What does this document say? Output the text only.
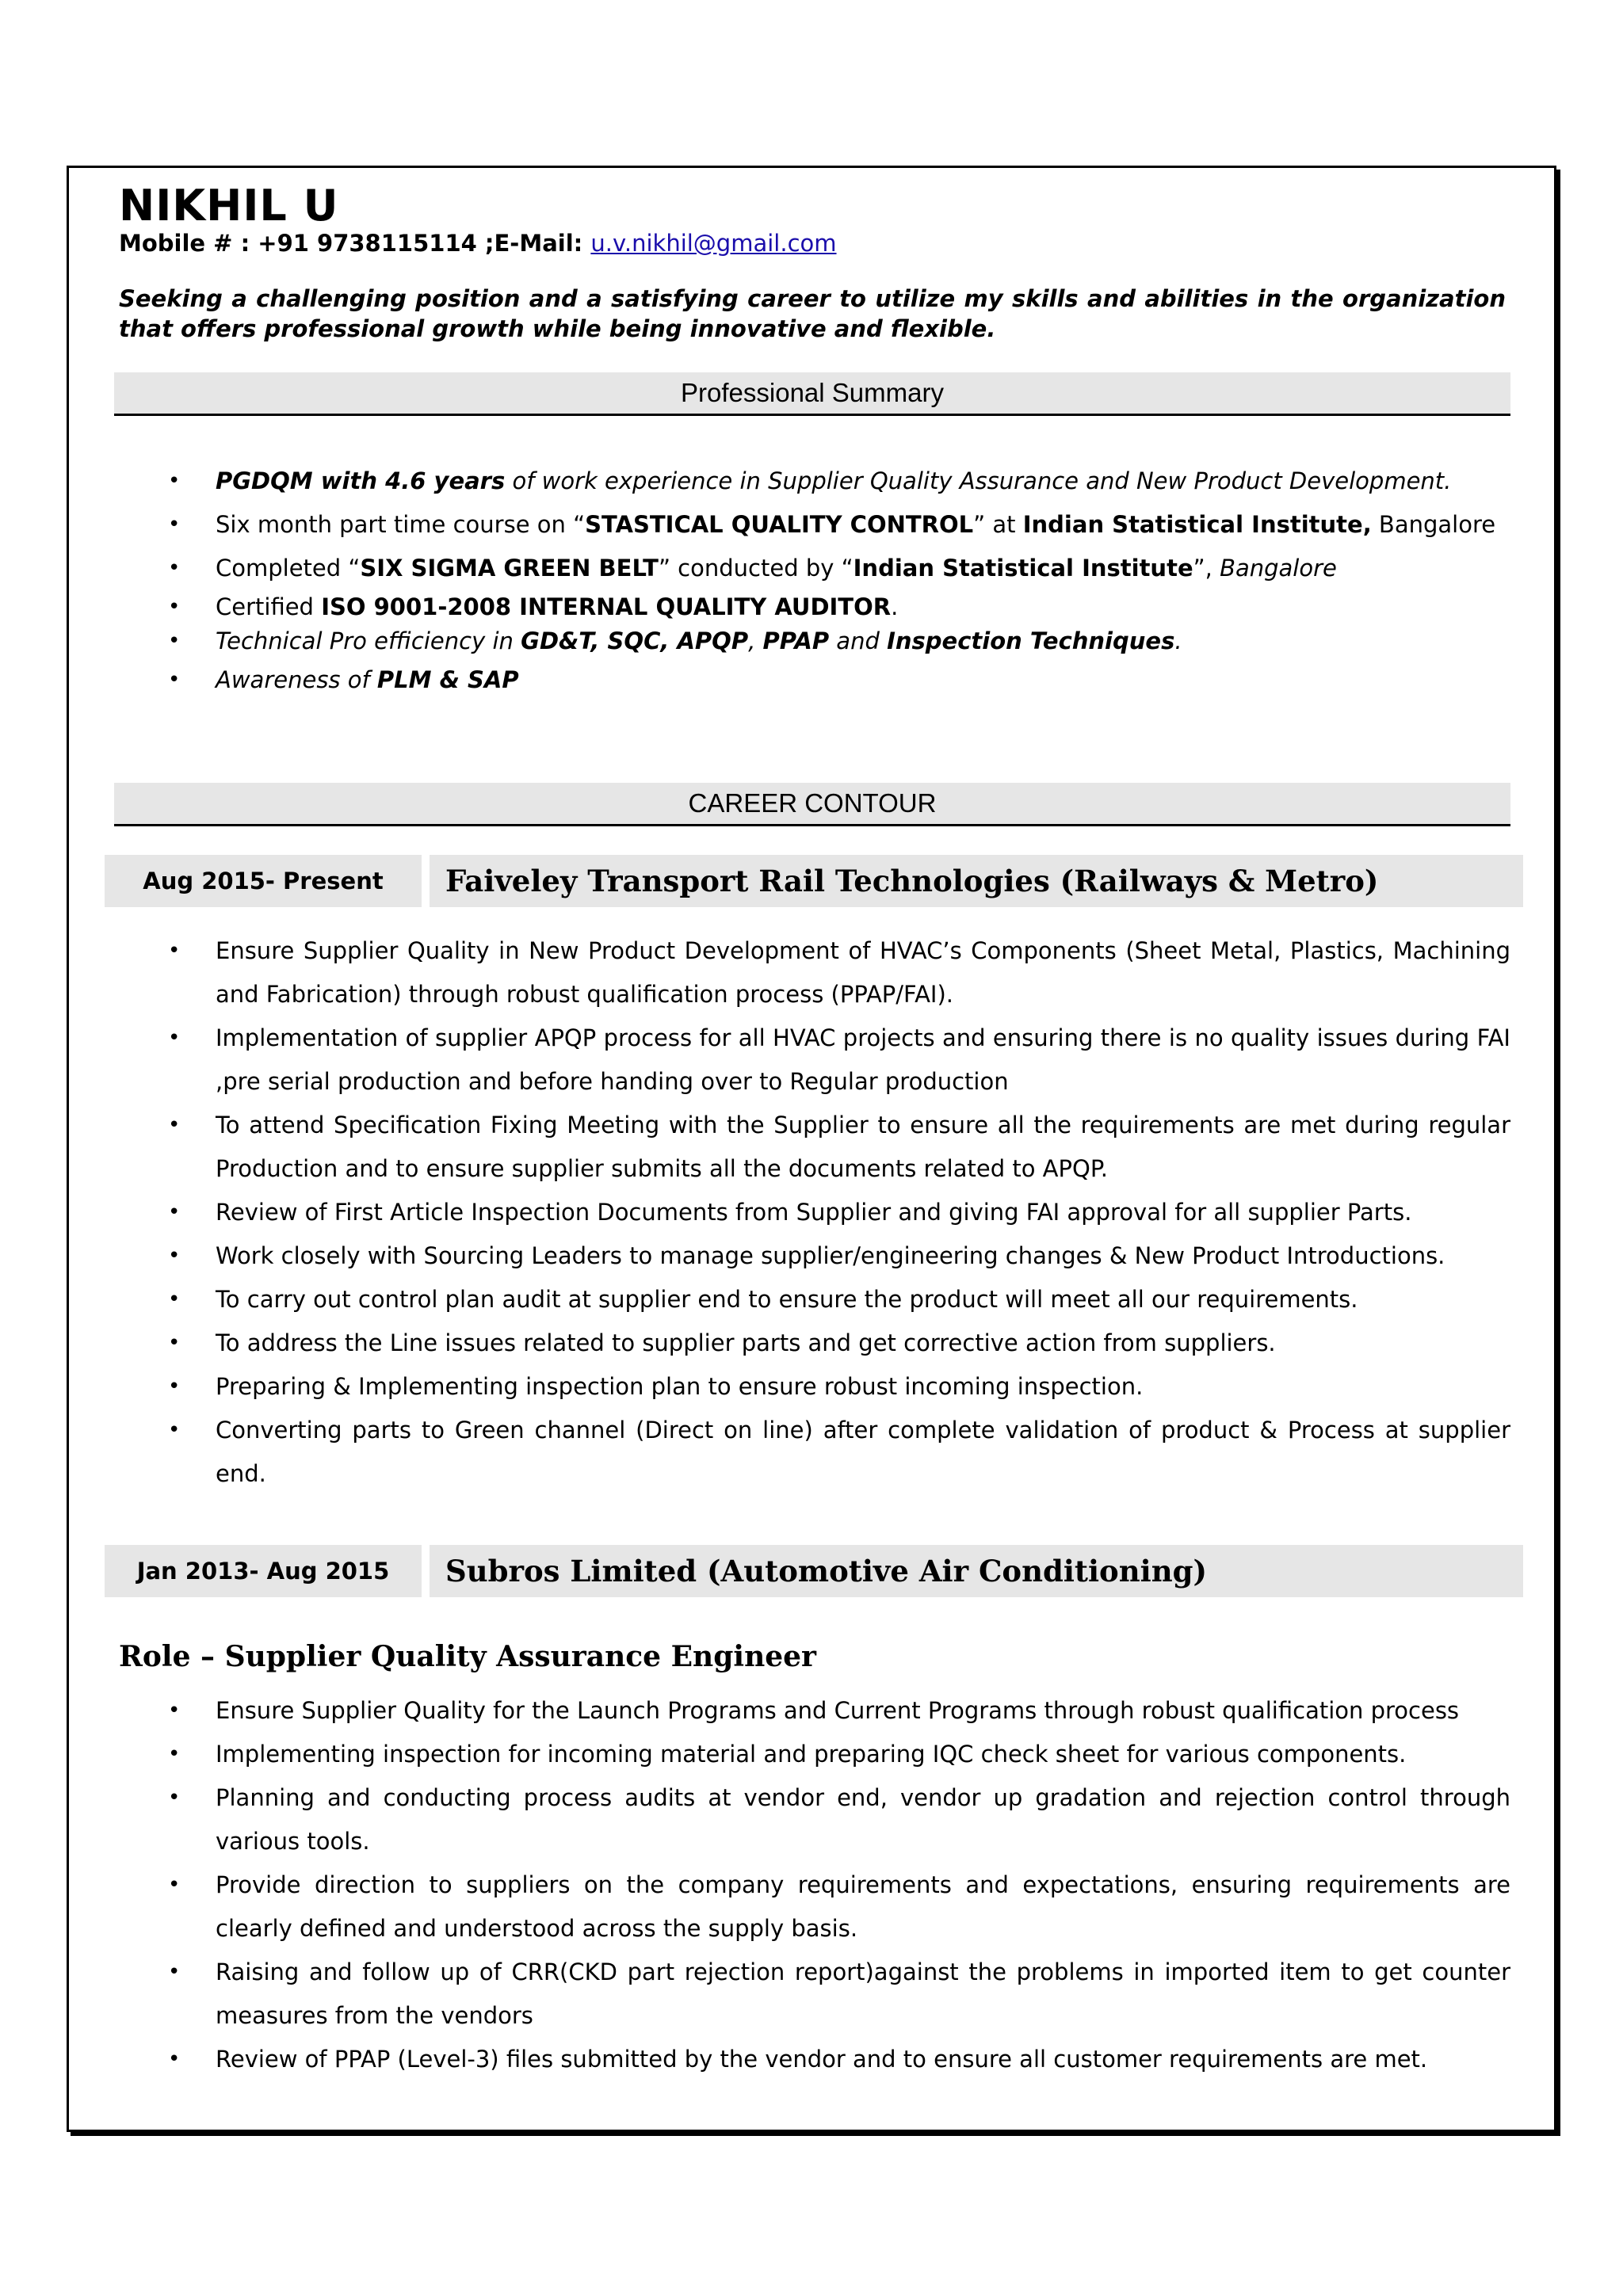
NIKHIL U
Mobile # : +91 9738115114 ;E-Mail: u.v.nikhil@gmail.com
Seeking a challenging position and a satisfying career to utilize my skills and abilities in the organization that offers professional growth while being innovative and flexible.
Professional Summary
• PGDQM with 4.6 years of work experience in Supplier Quality Assurance and New Product Development.
• Six month part time course on “STASTICAL QUALITY CONTROL” at Indian Statistical Institute, Bangalore
• Completed “SIX SIGMA GREEN BELT” conducted by “Indian Statistical Institute”, Bangalore
• Certified ISO 9001-2008 INTERNAL QUALITY AUDITOR.
• Technical Pro efficiency in GD&T, SQC, APQP, PPAP and Inspection Techniques.
• Awareness of PLM & SAP
CAREER CONTOUR
Aug 2015- Present	Faiveley Transport Rail Technologies (Railways & Metro)
• Ensure Supplier Quality in New Product Development of HVAC’s Components (Sheet Metal, Plastics, Machining and Fabrication) through robust qualification process (PPAP/FAI).
• Implementation of supplier APQP process for all HVAC projects and ensuring there is no quality issues during FAI ,pre serial production and before handing over to Regular production
• To attend Specification Fixing Meeting with the Supplier to ensure all the requirements are met during regular Production and to ensure supplier submits all the documents related to APQP.
• Review of First Article Inspection Documents from Supplier and giving FAI approval for all supplier Parts.
• Work closely with Sourcing Leaders to manage supplier/engineering changes & New Product Introductions.
• To carry out control plan audit at supplier end to ensure the product will meet all our requirements.
• To address the Line issues related to supplier parts and get corrective action from suppliers.
• Preparing & Implementing inspection plan to ensure robust incoming inspection.
• Converting parts to Green channel (Direct on line) after complete validation of product & Process at supplier end.
Jan 2013- Aug 2015	Subros Limited (Automotive Air Conditioning)
Role – Supplier Quality Assurance Engineer
• Ensure Supplier Quality for the Launch Programs and Current Programs through robust qualification process
• Implementing inspection for incoming material and preparing IQC check sheet for various components.
• Planning and conducting process audits at vendor end, vendor up gradation and rejection control through various tools.
• Provide direction to suppliers on the company requirements and expectations, ensuring requirements are clearly defined and understood across the supply basis.
• Raising and follow up of CRR(CKD part rejection report)against the problems in imported item to get counter measures from the vendors
• Review of PPAP (Level-3) files submitted by the vendor and to ensure all customer requirements are met.
